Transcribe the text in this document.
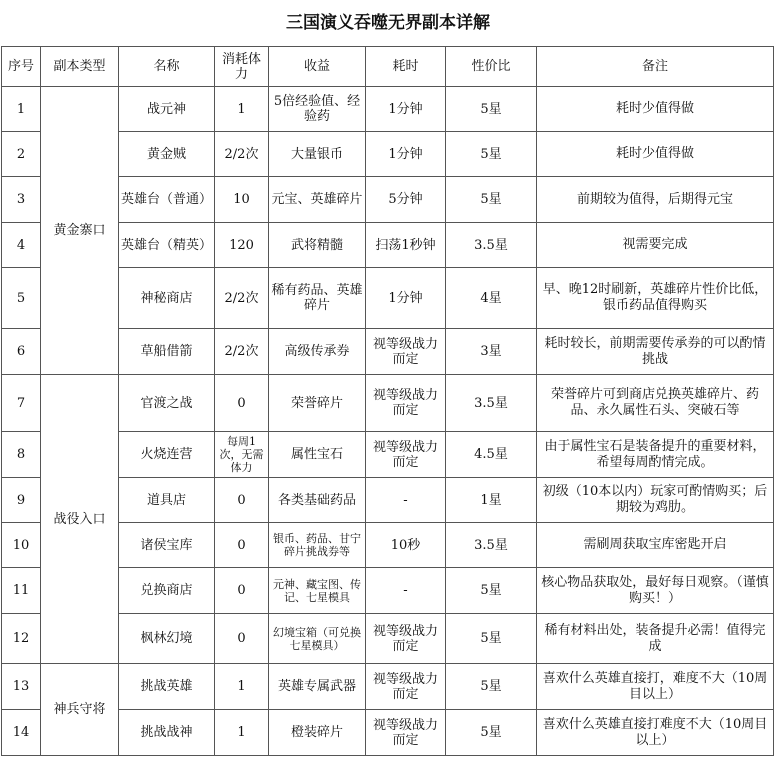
三国演义吞噬无界副本详解
序号	副本类型	名称	消耗体力	收益	耗时	性价比	备注
1	黄金寨口	战元神	1	5倍经验值、经验药	1分钟	5星	耗时少值得做
2		黄金贼	2/2次	大量银币	1分钟	5星	耗时少值得做
3		英雄台（普通）	10	元宝、英雄碎片	5分钟	5星	前期较为值得，后期得元宝
4		英雄台（精英）	120	武将精髓	扫荡1秒钟	3.5星	视需要完成
5		神秘商店	2/2次	稀有药品、英雄碎片	1分钟	4星	早、晚12时刷新，英雄碎片性价比低，银币药品值得购买
6		草船借箭	2/2次	高级传承券	视等级战力而定	3星	耗时较长，前期需要传承券的可以酌情挑战
7	战役入口	官渡之战	0	荣誉碎片	视等级战力而定	3.5星	荣誉碎片可到商店兑换英雄碎片、药品、永久属性石头、突破石等
8		火烧连营	每周1次，无需体力	属性宝石	视等级战力而定	4.5星	由于属性宝石是装备提升的重要材料，希望每周酌情完成。
9		道具店	0	各类基础药品	-	1星	初级（10本以内）玩家可酌情购买；后期较为鸡肋。
10		诸侯宝库	0	银币、药品、甘宁碎片挑战券等	10秒	3.5星	需刷周获取宝库密匙开启
11		兑换商店	0	元神、藏宝图、传记、七星模具	-	5星	核心物品获取处，最好每日观察。（谨慎购买！）
12		枫林幻境	0	幻境宝箱（可兑换七星模具）	视等级战力而定	5星	稀有材料出处，装备提升必需！值得完成
13	神兵守将	挑战英雄	1	英雄专属武器	视等级战力而定	5星	喜欢什么英雄直接打，难度不大（10周目以上）
14		挑战战神	1	橙装碎片	视等级战力而定	5星	喜欢什么英雄直接打难度不大（10周目以上）
